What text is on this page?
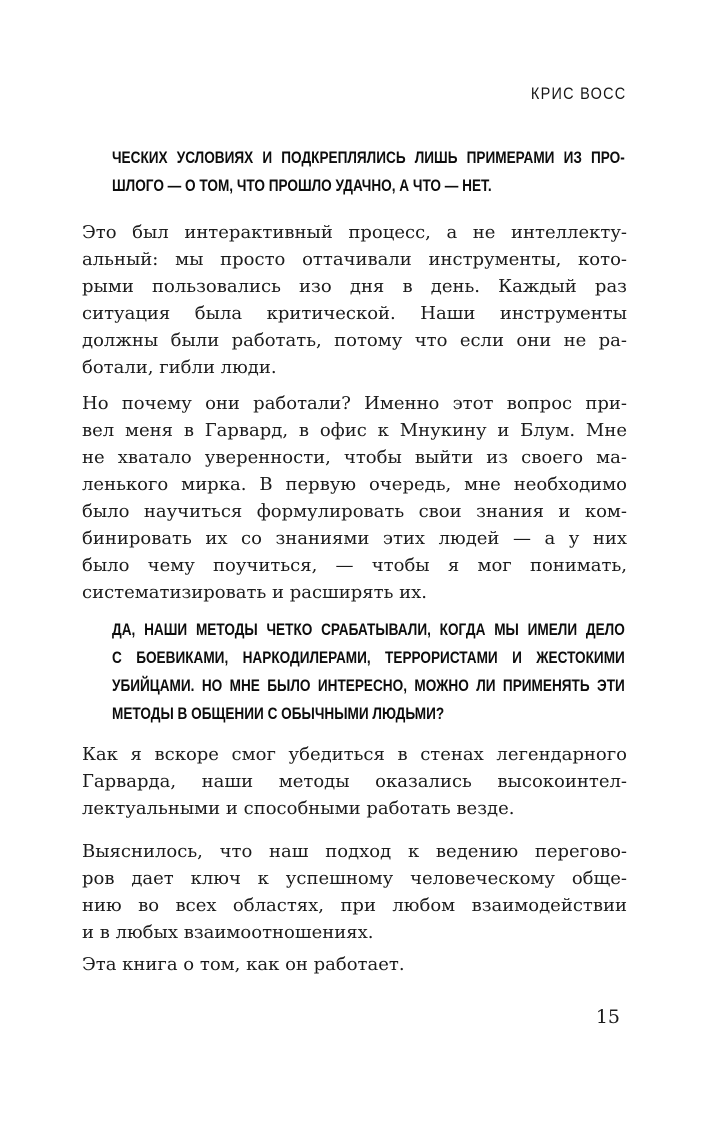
КРИС ВОСС
ЧЕСКИХ УСЛОВИЯХ И ПОДКРЕПЛЯЛИСЬ ЛИШЬ ПРИМЕРАМИ ИЗ ПРО-
ШЛОГО — О ТОМ, ЧТО ПРОШЛО УДАЧНО, А ЧТО — НЕТ.
Это был интерактивный процесс, а не интеллекту-
альный: мы просто оттачивали инструменты, кото-
рыми пользовались изо дня в день. Каждый раз
ситуация была критической. Наши инструменты
должны были работать, потому что если они не ра-
ботали, гибли люди.
Но почему они работали? Именно этот вопрос при-
вел меня в Гарвард, в офис к Мнукину и Блум. Мне
не хватало уверенности, чтобы выйти из своего ма-
ленького мирка. В первую очередь, мне необходимо
было научиться формулировать свои знания и ком-
бинировать их со знаниями этих людей — а у них
было чему поучиться, — чтобы я мог понимать,
систематизировать и расширять их.
ДА, НАШИ МЕТОДЫ ЧЕТКО СРАБАТЫВАЛИ, КОГДА МЫ ИМЕЛИ ДЕЛО
С БОЕВИКАМИ, НАРКОДИЛЕРАМИ, ТЕРРОРИСТАМИ И ЖЕСТОКИМИ
УБИЙЦАМИ. НО МНЕ БЫЛО ИНТЕРЕСНО, МОЖНО ЛИ ПРИМЕНЯТЬ ЭТИ
МЕТОДЫ В ОБЩЕНИИ С ОБЫЧНЫМИ ЛЮДЬМИ?
Как я вскоре смог убедиться в стенах легендарного
Гарварда, наши методы оказались высокоинтел-
лектуальными и способными работать везде.
Выяснилось, что наш подход к ведению перегово-
ров дает ключ к успешному человеческому обще-
нию во всех областях, при любом взаимодействии
и в любых взаимоотношениях.
Эта книга о том, как он работает.
15
